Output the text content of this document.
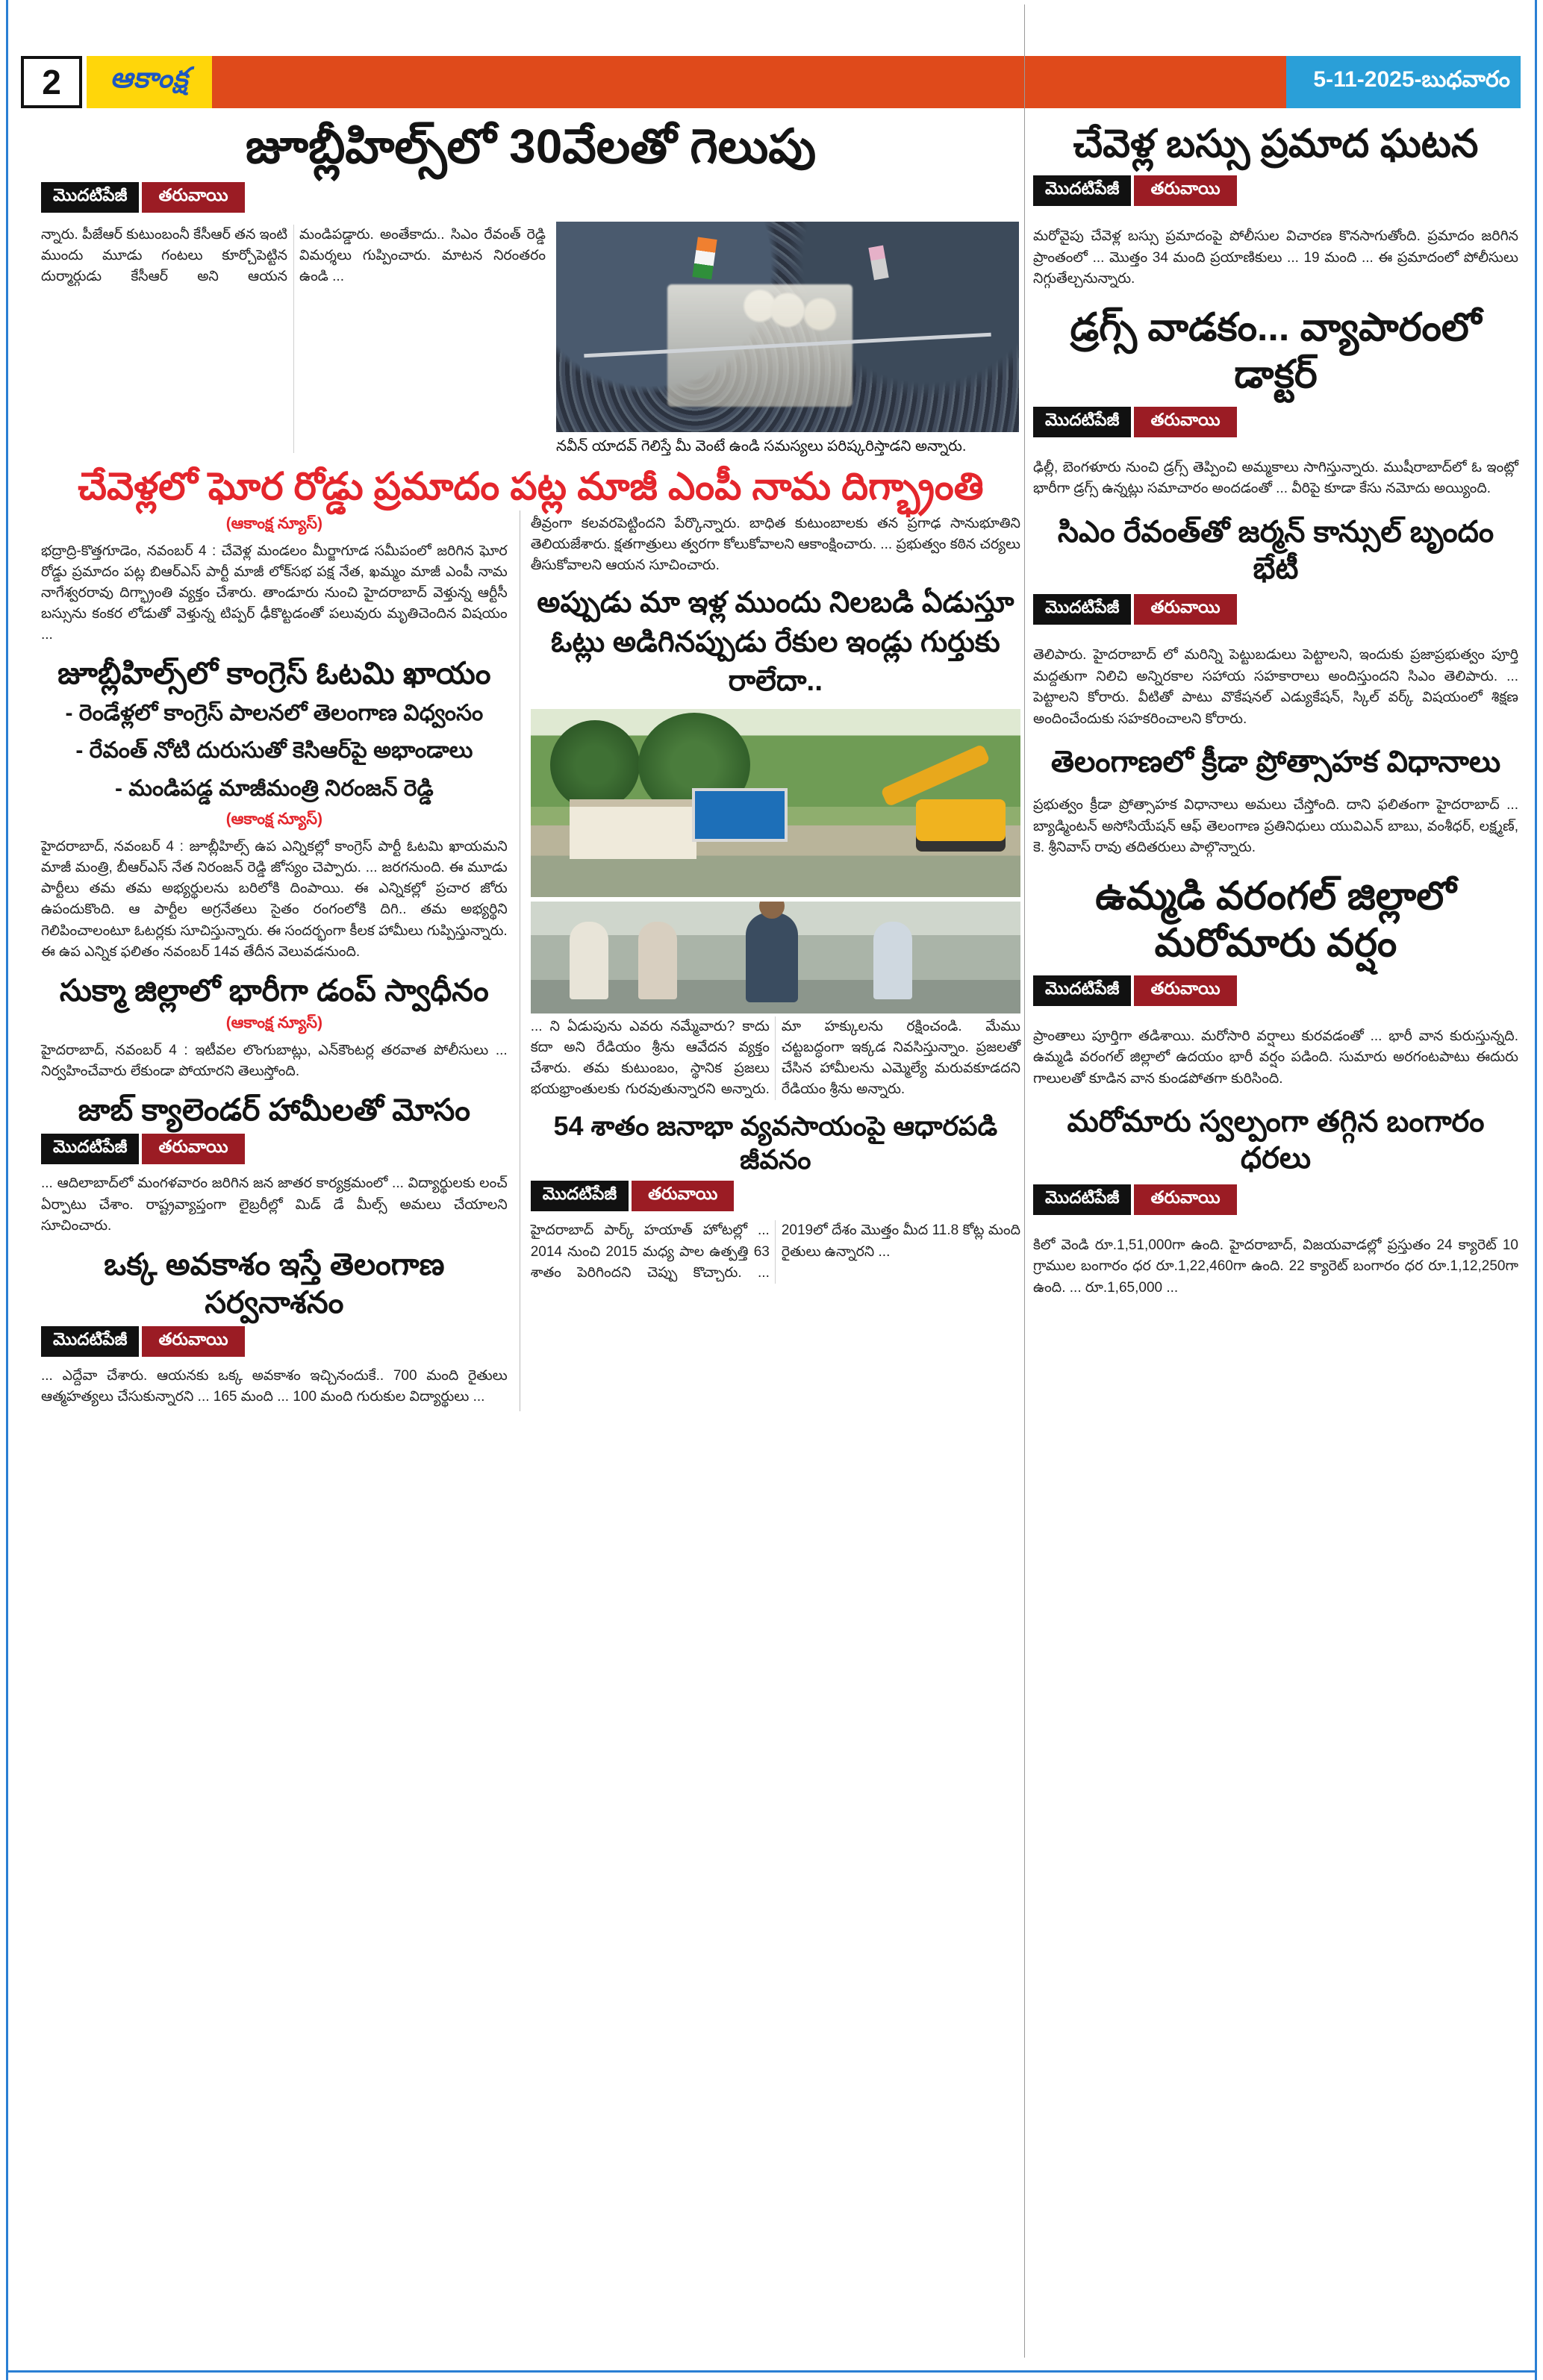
2	ఆకాంక్ష	5-11-2025-బుధవారం
జూబ్లీహిల్స్‌లో 30వేలతో గెలుపు
మొదటిపేజీ	తరువాయి
న్నారు. పీజేఆర్ కుటుంబంనీ కేసీఆర్ తన ఇంటి ముందు మూడు గంటలు కూర్చోపెట్టిన దుర్మార్గుడు కేసీఆర్ అని ఆయన మండిపడ్డారు. అంతేకాదు.. సిఎం రేవంత్ రెడ్డి విమర్శలు గుప్పించారు. మాటన నిరంతరం ఉండి ...
నవీన్ యాదవ్ గెలిస్తే మీ వెంటే ఉండి సమస్యలు పరిష్కరిస్తాడని అన్నారు.
చేవెళ్లలో ఘోర రోడ్డు ప్రమాదం పట్ల మాజీ ఎంపీ నామ దిగ్భ్రాంతి
(ఆకాంక్ష న్యూస్)

భద్రాద్రి-కొత్తగూడెం, నవంబర్ 4 : చేవెళ్ల మండలం మీర్జాగూడ సమీపంలో జరిగిన ఘోర రోడ్డు ప్రమాదం పట్ల బిఆర్ఎస్ పార్టీ మాజీ లోక్‌సభ పక్ష నేత, ఖమ్మం మాజీ ఎంపీ నామ నాగేశ్వరరావు దిగ్భ్రాంతి వ్యక్తం చేశారు. తాండూరు నుంచి హైదరాబాద్ వెళ్తున్న ఆర్టీసీ బస్సును కంకర లోడుతో వెళ్తున్న టిప్పర్ ఢీకొట్టడంతో పలువురు మృతిచెందిన విషయం ...

జూబ్లీహిల్స్‌లో కాంగ్రెస్ ఓటమి ఖాయం
- రెండేళ్లలో కాంగ్రెస్ పాలనలో తెలంగాణ విధ్వంసం
- రేవంత్ నోటి దురుసుతో కెసిఆర్‌పై అభాండాలు
- మండిపడ్డ మాజీమంత్రి నిరంజన్ రెడ్డి
(ఆకాంక్ష న్యూస్)

హైదరాబాద్, నవంబర్ 4 : జూబ్లీహిల్స్ ఉప ఎన్నికల్లో కాంగ్రెస్ పార్టీ ఓటమి ఖాయమని మాజీ మంత్రి, బీఆర్ఎస్ నేత నిరంజన్ రెడ్డి జోస్యం చెప్పారు. ... జరగనుంది. ఈ మూడు పార్టీలు తమ తమ అభ్యర్థులను బరిలోకి దింపాయి. ఈ ఎన్నికల్లో ప్రచార జోరు ఉపందుకొంది. ఆ పార్టీల అగ్రనేతలు సైతం రంగంలోకి దిగి.. తమ అభ్యర్థిని గెలిపించాలంటూ ఓటర్లకు సూచిస్తున్నారు. ఈ సందర్భంగా కీలక హామీలు గుప్పిస్తున్నారు. ఈ ఉప ఎన్నిక ఫలితం నవంబర్ 14వ తేదీన వెలువడనుంది.

సుక్మా జిల్లాలో భారీగా డంప్ స్వాధీనం
(ఆకాంక్ష న్యూస్)

హైదరాబాద్, నవంబర్ 4 : ఇటీవల లొంగుబాట్లు, ఎన్‌కౌంటర్ల తరవాత పోలీసులు ... నిర్వహించేవారు లేకుండా పోయారని తెలుస్తోంది.

జాబ్ క్యాలెండర్ హామీలతో మోసం
మొదటిపేజీ	తరువాయి

... ఆదిలాబాద్‌లో మంగళవారం జరిగిన జన జాతర కార్యక్రమంలో ... విద్యార్థులకు లంచ్ ఏర్పాటు చేశాం. రాష్ట్రవ్యాప్తంగా లైబ్రరీల్లో మిడ్ డే మీల్స్ అమలు చేయాలని సూచించారు.

ఒక్క అవకాశం ఇస్తే తెలంగాణ సర్వనాశనం
మొదటిపేజీ	తరువాయి

... ఎద్దేవా చేశారు. ఆయనకు ఒక్క అవకాశం ఇచ్చినందుకే.. 700 మంది రైతులు ఆత్మహత్యలు చేసుకున్నారని ... 165 మంది ... 100 మంది గురుకుల విద్యార్థులు ...

తీవ్రంగా కలవరపెట్టిందని పేర్కొన్నారు. బాధిత కుటుంబాలకు తన ప్రగాఢ సానుభూతిని తెలియజేశారు. క్షతగాత్రులు త్వరగా కోలుకోవాలని ఆకాంక్షించారు. ... ప్రభుత్వం కఠిన చర్యలు తీసుకోవాలని ఆయన సూచించారు.

అప్పుడు మా ఇళ్ల ముందు నిలబడి ఏడుస్తూ ఓట్లు అడిగినప్పుడు రేకుల ఇండ్లు గుర్తుకు రాలేదా..

... ని ఏడుపును ఎవరు నమ్మేవారు? కాదు కదా అని రేడియం శ్రీను ఆవేదన వ్యక్తం చేశారు. తమ కుటుంబం, స్థానిక ప్రజలు భయభ్రాంతులకు గురవుతున్నారని అన్నారు. మా హక్కులను రక్షించండి. మేము చట్టబద్ధంగా ఇక్కడ నివసిస్తున్నాం. ప్రజలతో చేసిన హామీలను ఎమ్మెల్యే మరువకూడదని రేడియం శ్రీను అన్నారు.

54 శాతం జనాభా వ్యవసాయంపై ఆధారపడి జీవనం
మొదటిపేజీ	తరువాయి

హైదరాబాద్ పార్క్ హయాత్ హోటల్లో ... 2014 నుంచి 2015 మధ్య పాల ఉత్పత్తి 63 శాతం పెరిగిందని చెప్పు కొచ్చారు. ... 2019లో దేశం మొత్తం మీద 11.8 కోట్ల మంది రైతులు ఉన్నారని ...

చేవెళ్ల బస్సు ప్రమాద ఘటన
మొదటిపేజీ	తరువాయి

మరోవైపు చేవెళ్ల బస్సు ప్రమాదంపై పోలీసుల విచారణ కొనసాగుతోంది. ప్రమాదం జరిగిన ప్రాంతంలో ... మొత్తం 34 మంది ప్రయాణికులు ... 19 మంది ... ఈ ప్రమాదంలో పోలీసులు నిగ్గుతేల్చనున్నారు.

డ్రగ్స్ వాడకం... వ్యాపారంలో డాక్టర్
మొదటిపేజీ	తరువాయి

ఢిల్లీ, బెంగళూరు నుంచి డ్రగ్స్ తెప్పించి అమ్మకాలు సాగిస్తున్నారు. ముషీరాబాద్‌లో ఓ ఇంట్లో భారీగా డ్రగ్స్ ఉన్నట్లు సమాచారం అందడంతో ... వీరిపై కూడా కేసు నమోదు అయ్యింది.

సిఎం రేవంత్‌తో జర్మన్ కాన్సుల్ బృందం భేటీ
మొదటిపేజీ	తరువాయి

తెలిపారు. హైదరాబాద్ లో మరిన్ని పెట్టుబడులు పెట్టాలని, ఇందుకు ప్రజాప్రభుత్వం పూర్తి మద్దతుగా నిలిచి అన్నిరకాల సహాయ సహకారాలు అందిస్తుందని సిఎం తెలిపారు. ... పెట్టాలని కోరారు. వీటితో పాటు వొకేషనల్ ఎడ్యుకేషన్, స్కిల్ వర్క్ విషయంలో శిక్షణ అందించేందుకు సహకరించాలని కోరారు.

తెలంగాణలో క్రీడా ప్రోత్సాహక విధానాలు

ప్రభుత్వం క్రీడా ప్రోత్సాహక విధానాలు అమలు చేస్తోంది. దాని ఫలితంగా హైదరాబాద్ ... బ్యాడ్మింటన్ అసోసియేషన్ ఆఫ్ తెలంగాణ ప్రతినిధులు యువిఎన్ బాబు, వంశీధర్, లక్ష్మణ్, కె. శ్రీనివాస్ రావు తదితరులు పాల్గొన్నారు.

ఉమ్మడి వరంగల్ జిల్లాలో మరోమారు వర్షం
మొదటిపేజీ	తరువాయి

ప్రాంతాలు పూర్తిగా తడిశాయి. మరోసారి వర్షాలు కురవడంతో ... భారీ వాన కురుస్తున్నది. ఉమ్మడి వరంగల్ జిల్లాలో ఉదయం భారీ వర్షం పడింది. సుమారు అరగంటపాటు ఈదురు గాలులతో కూడిన వాన కుండపోతగా కురిసింది.

మరోమారు స్వల్పంగా తగ్గిన బంగారం ధరలు
మొదటిపేజీ	తరువాయి

కిలో వెండి రూ.1,51,000గా ఉంది. హైదరాబాద్, విజయవాడల్లో ప్రస్తుతం 24 క్యారెట్ 10 గ్రాముల బంగారం ధర రూ.1,22,460గా ఉంది. 22 క్యారెట్ బంగారం ధర రూ.1,12,250గా ఉంది. ... రూ.1,65,000 ...
